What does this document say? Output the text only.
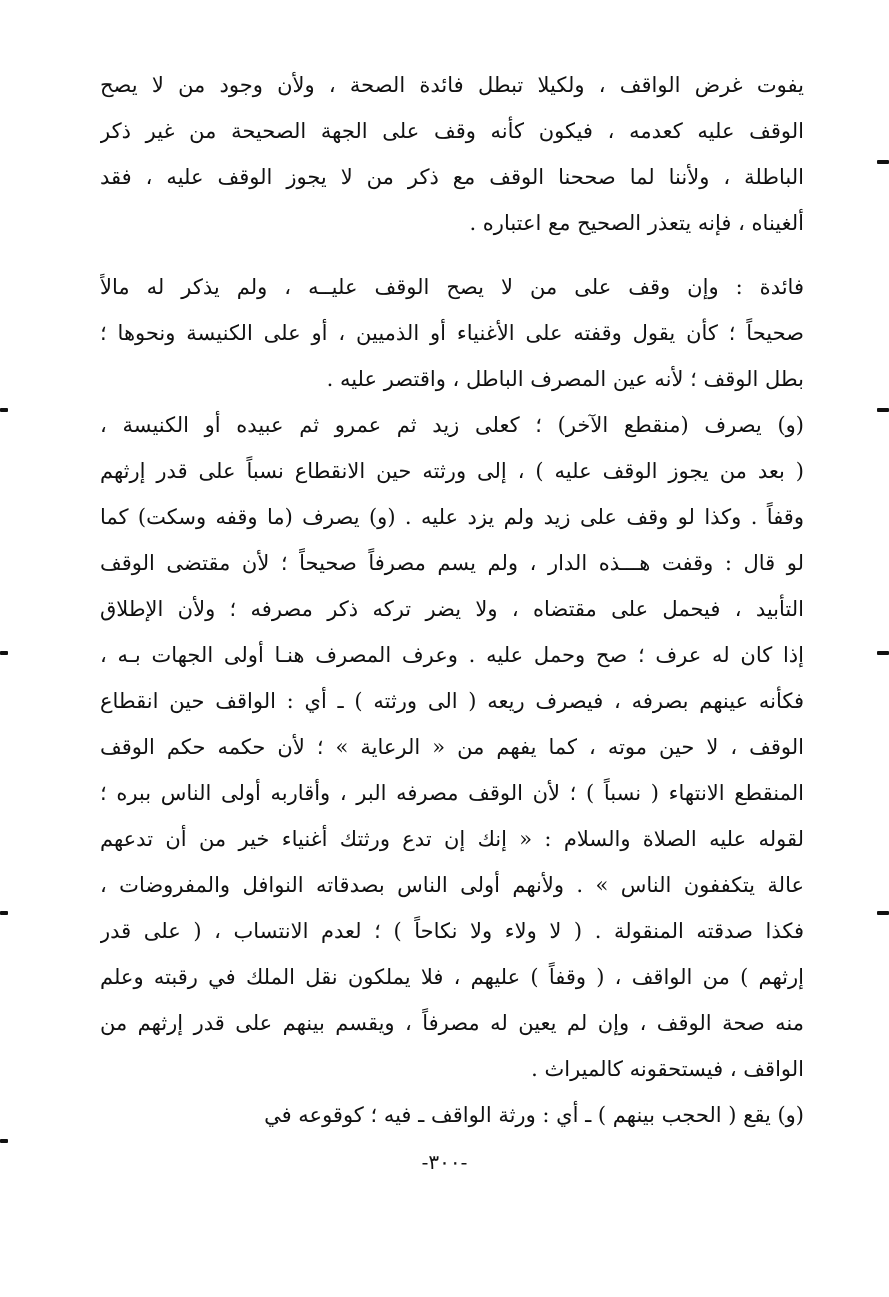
يفوت غرض الواقف ، ولكيلا تبطل فائدة الصحة ، ولأن وجود من لا يصح
الوقف عليه كعدمه ، فيكون كأنه وقف على الجهة الصحيحة من غير ذكر
الباطلة ، ولأننا لما صححنا الوقف مع ذكر من لا يجوز الوقف عليه ، فقد
ألغيناه ، فإنه يتعذر الصحيح مع اعتباره .
فائدة : وإن وقف على من لا يصح الوقف عليــه ، ولم يذكر له مالاً
صحيحاً ؛ كأن يقول وقفته على الأغنياء أو الذميين ، أو على الكنيسة ونحوها ؛
بطل الوقف ؛ لأنه عين المصرف الباطل ، واقتصر عليه .
(و) يصرف (منقطع الآخر) ؛ كعلى زيد ثم عمرو ثم عبيده أو الكنيسة ،
( بعد من يجوز الوقف عليه ) ، إلى ورثته حين الانقطاع نسباً على قدر إرثهم
وقفاً . وكذا لو وقف على زيد ولم يزد عليه . (و) يصرف (ما وقفه وسكت) كما
لو قال : وقفت هـــذه الدار ، ولم يسم مصرفاً صحيحاً ؛ لأن مقتضى الوقف
التأبيد ، فيحمل على مقتضاه ، ولا يضر تركه ذكر مصرفه ؛ ولأن الإطلاق
إذا كان له عرف ؛ صح وحمل عليه . وعرف المصرف هنـا أولى الجهات بـه ،
فكأنه عينهم بصرفه ، فيصرف ريعه ( الى ورثته ) ـ أي : الواقف حين انقطاع
الوقف ، لا حين موته ، كما يفهم من « الرعاية » ؛ لأن حكمه حكم الوقف
المنقطع الانتهاء ( نسباً ) ؛ لأن الوقف مصرفه البر ، وأقاربه أولى الناس ببره ؛
لقوله عليه الصلاة والسلام : « إنك إن تدع ورثتك أغنياء خير من أن تدعهم
عالة يتكففون الناس » . ولأنهم أولى الناس بصدقاته النوافل والمفروضات ،
فكذا صدقته المنقولة . ( لا ولاء ولا نكاحاً ) ؛ لعدم الانتساب ، ( على قدر
إرثهم ) من الواقف ، ( وقفاً ) عليهم ، فلا يملكون نقل الملك في رقبته وعلم
منه صحة الوقف ، وإن لم يعين له مصرفاً ، ويقسم بينهم على قدر إرثهم من
الواقف ، فيستحقونه كالميراث .
(و) يقع ( الحجب بينهم ) ـ أي : ورثة الواقف ـ فيه ؛ كوقوعه في
-٣٠٠-
